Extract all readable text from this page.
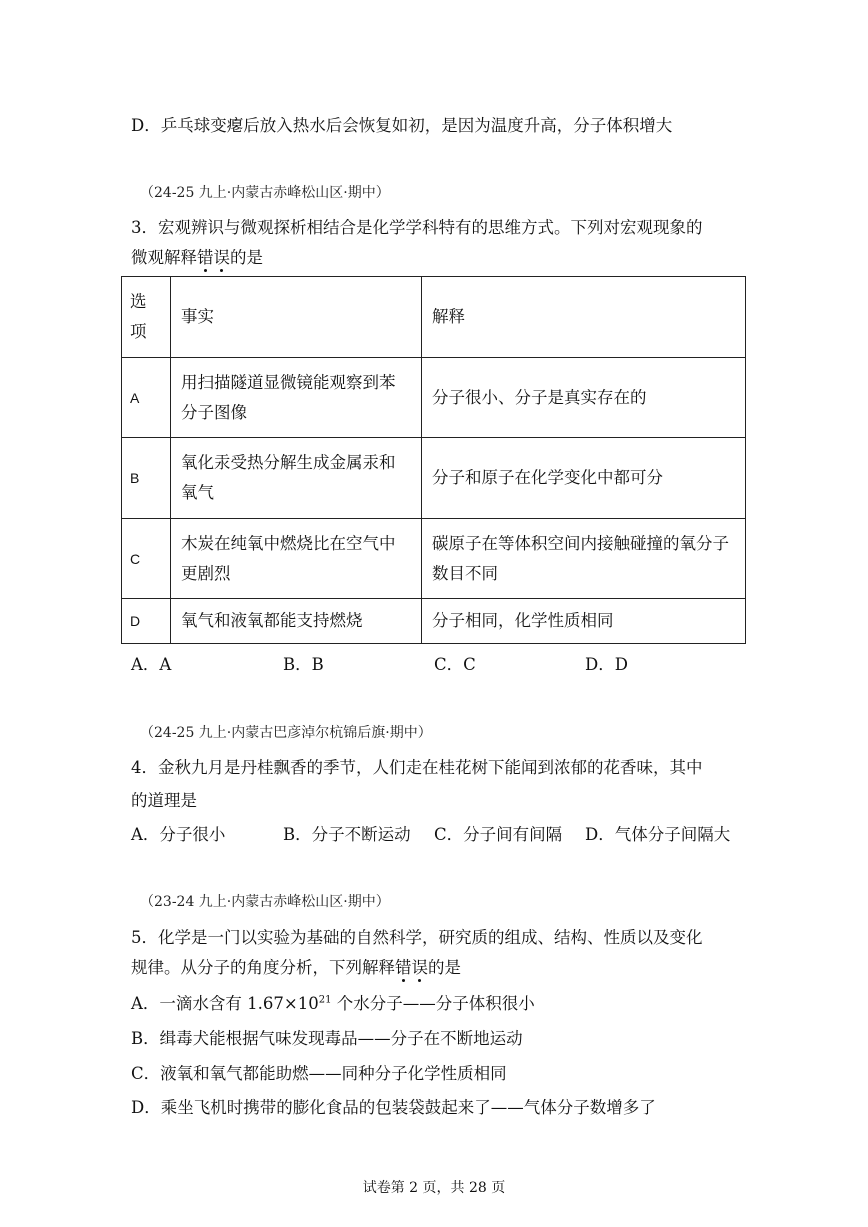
D．乒乓球变瘪后放入热水后会恢复如初，是因为温度升高，分子体积增大
（24-25 九上·内蒙古赤峰松山区·期中）
3．宏观辨识与微观探析相结合是化学学科特有的思维方式。下列对宏观现象的
微观解释错误的是
选项	事实	解释
A	用扫描隧道显微镜能观察到苯分子图像	分子很小、分子是真实存在的
B	氧化汞受热分解生成金属汞和氧气	分子和原子在化学变化中都可分
C	木炭在纯氧中燃烧比在空气中更剧烈	碳原子在等体积空间内接触碰撞的氧分子数目不同
D	氧气和液氧都能支持燃烧	分子相同，化学性质相同
A．A	B．B	C．C	D．D
（24-25 九上·内蒙古巴彦淖尔杭锦后旗·期中）
4．金秋九月是丹桂飘香的季节，人们走在桂花树下能闻到浓郁的花香味，其中
的道理是
A．分子很小	B．分子不断运动 C．分子间有间隔 D．气体分子间隔大
（23-24 九上·内蒙古赤峰松山区·期中）
5．化学是一门以实验为基础的自然科学，研究质的组成、结构、性质以及变化
规律。从分子的角度分析，下列解释错误的是
A．一滴水含有 $1.67\times 10^{21}$ 个水分子——分子体积很小
B．缉毒犬能根据气味发现毒品——分子在不断地运动
C．液氧和氧气都能助燃——同种分子化学性质相同
D．乘坐飞机时携带的膨化食品的包装袋鼓起来了——气体分子数增多了
试卷第 2 页，共 28 页
